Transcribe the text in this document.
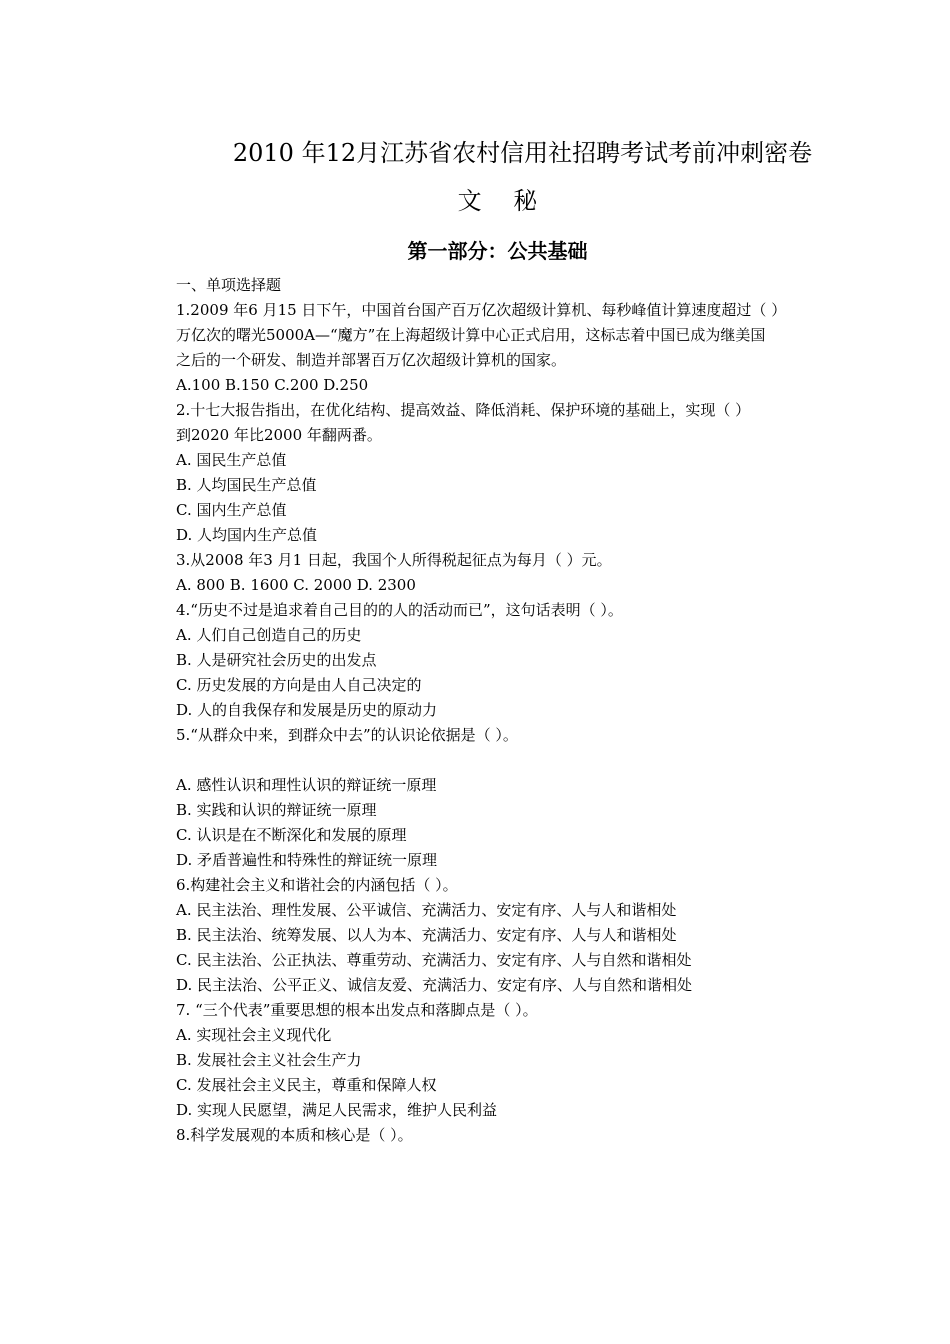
2010 年12月江苏省农村信用社招聘考试考前冲刺密卷
文 秘
第一部分：公共基础

一、单项选择题

1.2009 年6 月15 日下午，中国首台国产百万亿次超级计算机、每秒峰值计算速度超过（ ）

万亿次的曙光5000A—“魔方”在上海超级计算中心正式启用，这标志着中国已成为继美国

之后的一个研发、制造并部署百万亿次超级计算机的国家。

A.100 B.150 C.200 D.250

2.十七大报告指出，在优化结构、提高效益、降低消耗、保护环境的基础上，实现（ ）

到2020 年比2000 年翻两番。

A. 国民生产总值

B. 人均国民生产总值

C. 国内生产总值

D. 人均国内生产总值

3.从2008 年3 月1 日起，我国个人所得税起征点为每月（ ）元。

A. 800 B. 1600 C. 2000 D. 2300

4.“历史不过是追求着自己目的的人的活动而已”，这句话表明（ ）。

A. 人们自己创造自己的历史

B. 人是研究社会历史的出发点

C. 历史发展的方向是由人自己决定的

D. 人的自我保存和发展是历史的原动力

5.“从群众中来，到群众中去”的认识论依据是（ ）。

A. 感性认识和理性认识的辩证统一原理

B. 实践和认识的辩证统一原理

C. 认识是在不断深化和发展的原理

D. 矛盾普遍性和特殊性的辩证统一原理

6.构建社会主义和谐社会的内涵包括（ ）。

A. 民主法治、理性发展、公平诚信、充满活力、安定有序、人与人和谐相处

B. 民主法治、统筹发展、以人为本、充满活力、安定有序、人与人和谐相处

C. 民主法治、公正执法、尊重劳动、充满活力、安定有序、人与自然和谐相处

D. 民主法治、公平正义、诚信友爱、充满活力、安定有序、人与自然和谐相处

7. “三个代表”重要思想的根本出发点和落脚点是（ ）。

A. 实现社会主义现代化

B. 发展社会主义社会生产力

C. 发展社会主义民主，尊重和保障人权

D. 实现人民愿望，满足人民需求，维护人民利益

8.科学发展观的本质和核心是（ ）。
